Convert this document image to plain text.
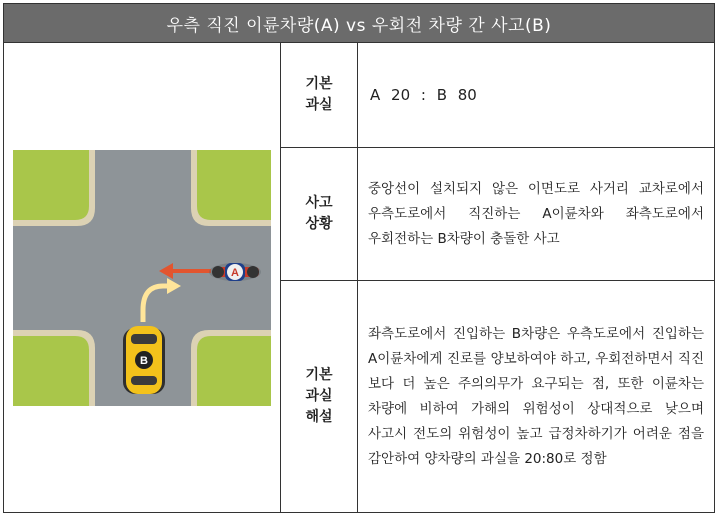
우측 직진 이륜차량(A) vs 우회전 차량 간 사고(B)
A
B
기본
과실
A 20 : B 80
사고
상황
중앙선이 설치되지 않은 이면도로 사거리 교차로에서 우측도로에서 직진하는 A이륜차와 좌측도로에서 우회전하는 B차량이 충돌한 사고
기본
과실
해설
좌측도로에서 진입하는 B차량은 우측도로에서 진입하는 A이륜차에게 진로를 양보하여야 하고, 우회전하면서 직진 보다 더 높은 주의의무가 요구되는 점, 또한 이륜차는 차량에 비하여 가해의 위험성이 상대적으로 낮으며 사고시 전도의 위험성이 높고 급정차하기가 어려운 점을 감안하여 양차량의 과실을 20:80로 정함
